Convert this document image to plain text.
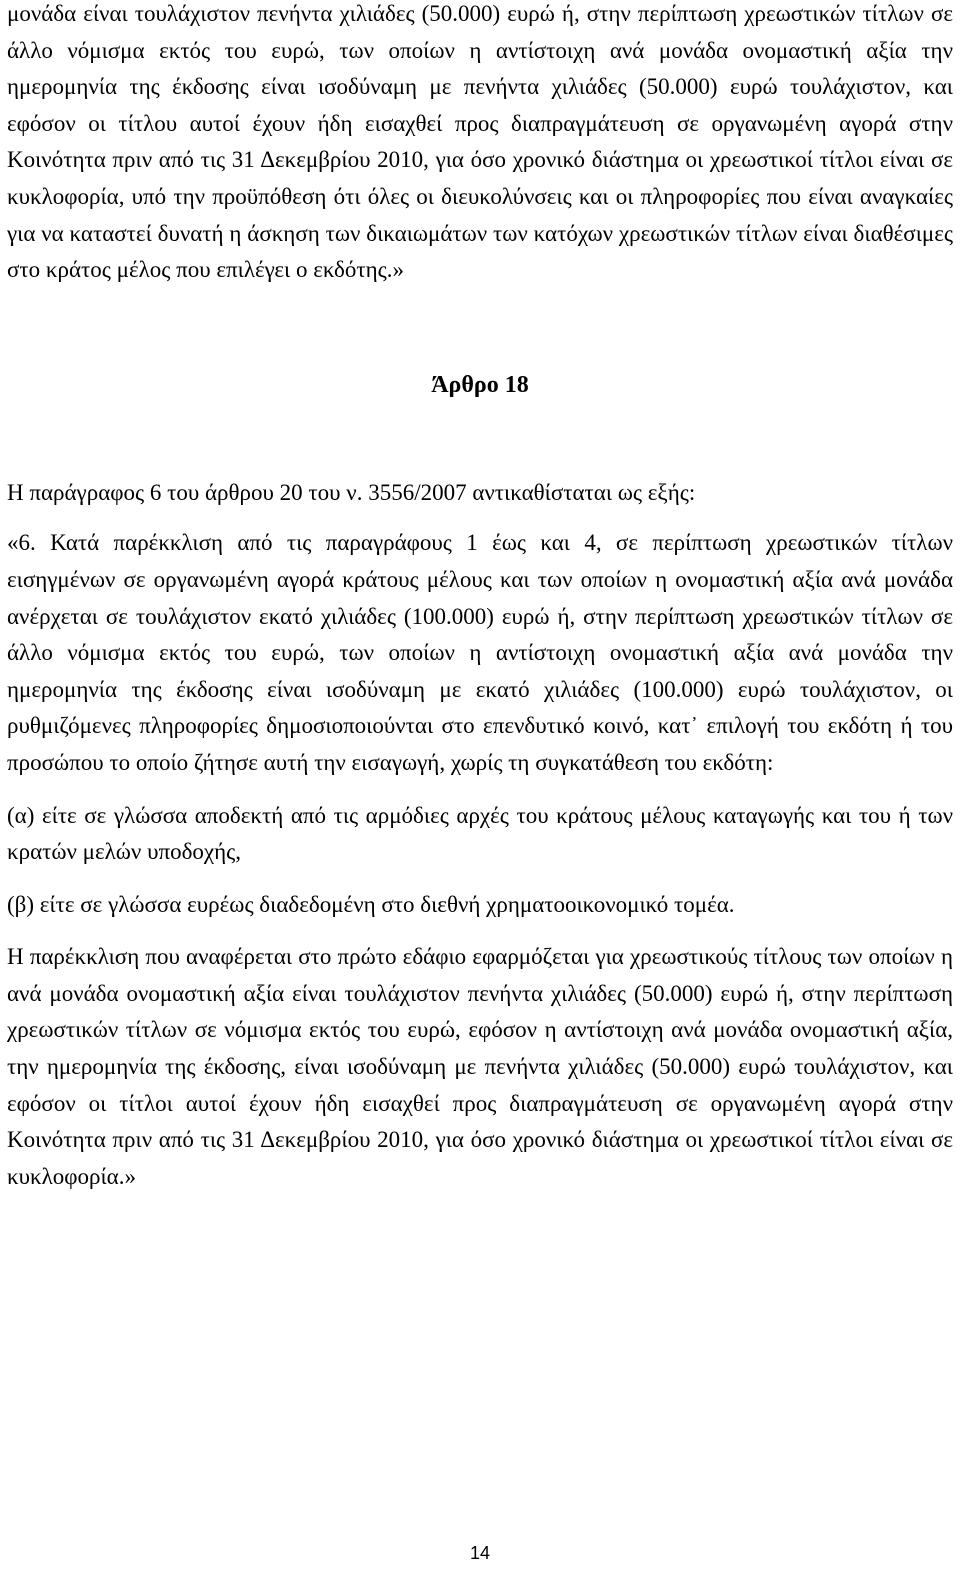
μονάδα είναι τουλάχιστον πενήντα χιλιάδες (50.000) ευρώ ή, στην περίπτωση χρεωστικών τίτλων σε άλλο νόμισμα εκτός του ευρώ, των οποίων η αντίστοιχη ανά μονάδα ονομαστική αξία την ημερομηνία της έκδοσης είναι ισοδύναμη με πενήντα χιλιάδες (50.000) ευρώ τουλάχιστον, και εφόσον οι τίτλου αυτοί έχουν ήδη εισαχθεί προς διαπραγμάτευση σε οργανωμένη αγορά στην Κοινότητα πριν από τις 31 Δεκεμβρίου 2010, για όσο χρονικό διάστημα οι χρεωστικοί τίτλοι είναι σε κυκλοφορία, υπό την προϋπόθεση ότι όλες οι διευκολύνσεις και οι πληροφορίες που είναι αναγκαίες για να καταστεί δυνατή η άσκηση των δικαιωμάτων των κατόχων χρεωστικών τίτλων είναι διαθέσιμες στο κράτος μέλος που επιλέγει ο εκδότης.»

Άρθρο 18

Η παράγραφος 6 του άρθρου 20 του ν. 3556/2007 αντικαθίσταται ως εξής:

«6. Κατά παρέκκλιση από τις παραγράφους 1 έως και 4, σε περίπτωση χρεωστικών τίτλων εισηγμένων σε οργανωμένη αγορά κράτους μέλους και των οποίων η ονομαστική αξία ανά μονάδα ανέρχεται σε τουλάχιστον εκατό χιλιάδες (100.000) ευρώ ή, στην περίπτωση χρεωστικών τίτλων σε άλλο νόμισμα εκτός του ευρώ, των οποίων η αντίστοιχη ονομαστική αξία ανά μονάδα την ημερομηνία της έκδοσης είναι ισοδύναμη με εκατό χιλιάδες (100.000) ευρώ τουλάχιστον, οι ρυθμιζόμενες πληροφορίες δημοσιοποιούνται στο επενδυτικό κοινό, κατ᾽ επιλογή του εκδότη ή του προσώπου το οποίο ζήτησε αυτή την εισαγωγή, χωρίς τη συγκατάθεση του εκδότη:

(α) είτε σε γλώσσα αποδεκτή από τις αρμόδιες αρχές του κράτους μέλους καταγωγής και του ή των κρατών μελών υποδοχής,

(β) είτε σε γλώσσα ευρέως διαδεδομένη στο διεθνή χρηματοοικονομικό τομέα.

Η παρέκκλιση που αναφέρεται στο πρώτο εδάφιο εφαρμόζεται για χρεωστικούς τίτλους των οποίων η ανά μονάδα ονομαστική αξία είναι τουλάχιστον πενήντα χιλιάδες (50.000) ευρώ ή, στην περίπτωση χρεωστικών τίτλων σε νόμισμα εκτός του ευρώ, εφόσον η αντίστοιχη ανά μονάδα ονομαστική αξία, την ημερομηνία της έκδοσης, είναι ισοδύναμη με πενήντα χιλιάδες (50.000) ευρώ τουλάχιστον, και εφόσον οι τίτλοι αυτοί έχουν ήδη εισαχθεί προς διαπραγμάτευση σε οργανωμένη αγορά στην Κοινότητα πριν από τις 31 Δεκεμβρίου 2010, για όσο χρονικό διάστημα οι χρεωστικοί τίτλοι είναι σε κυκλοφορία.»

14
